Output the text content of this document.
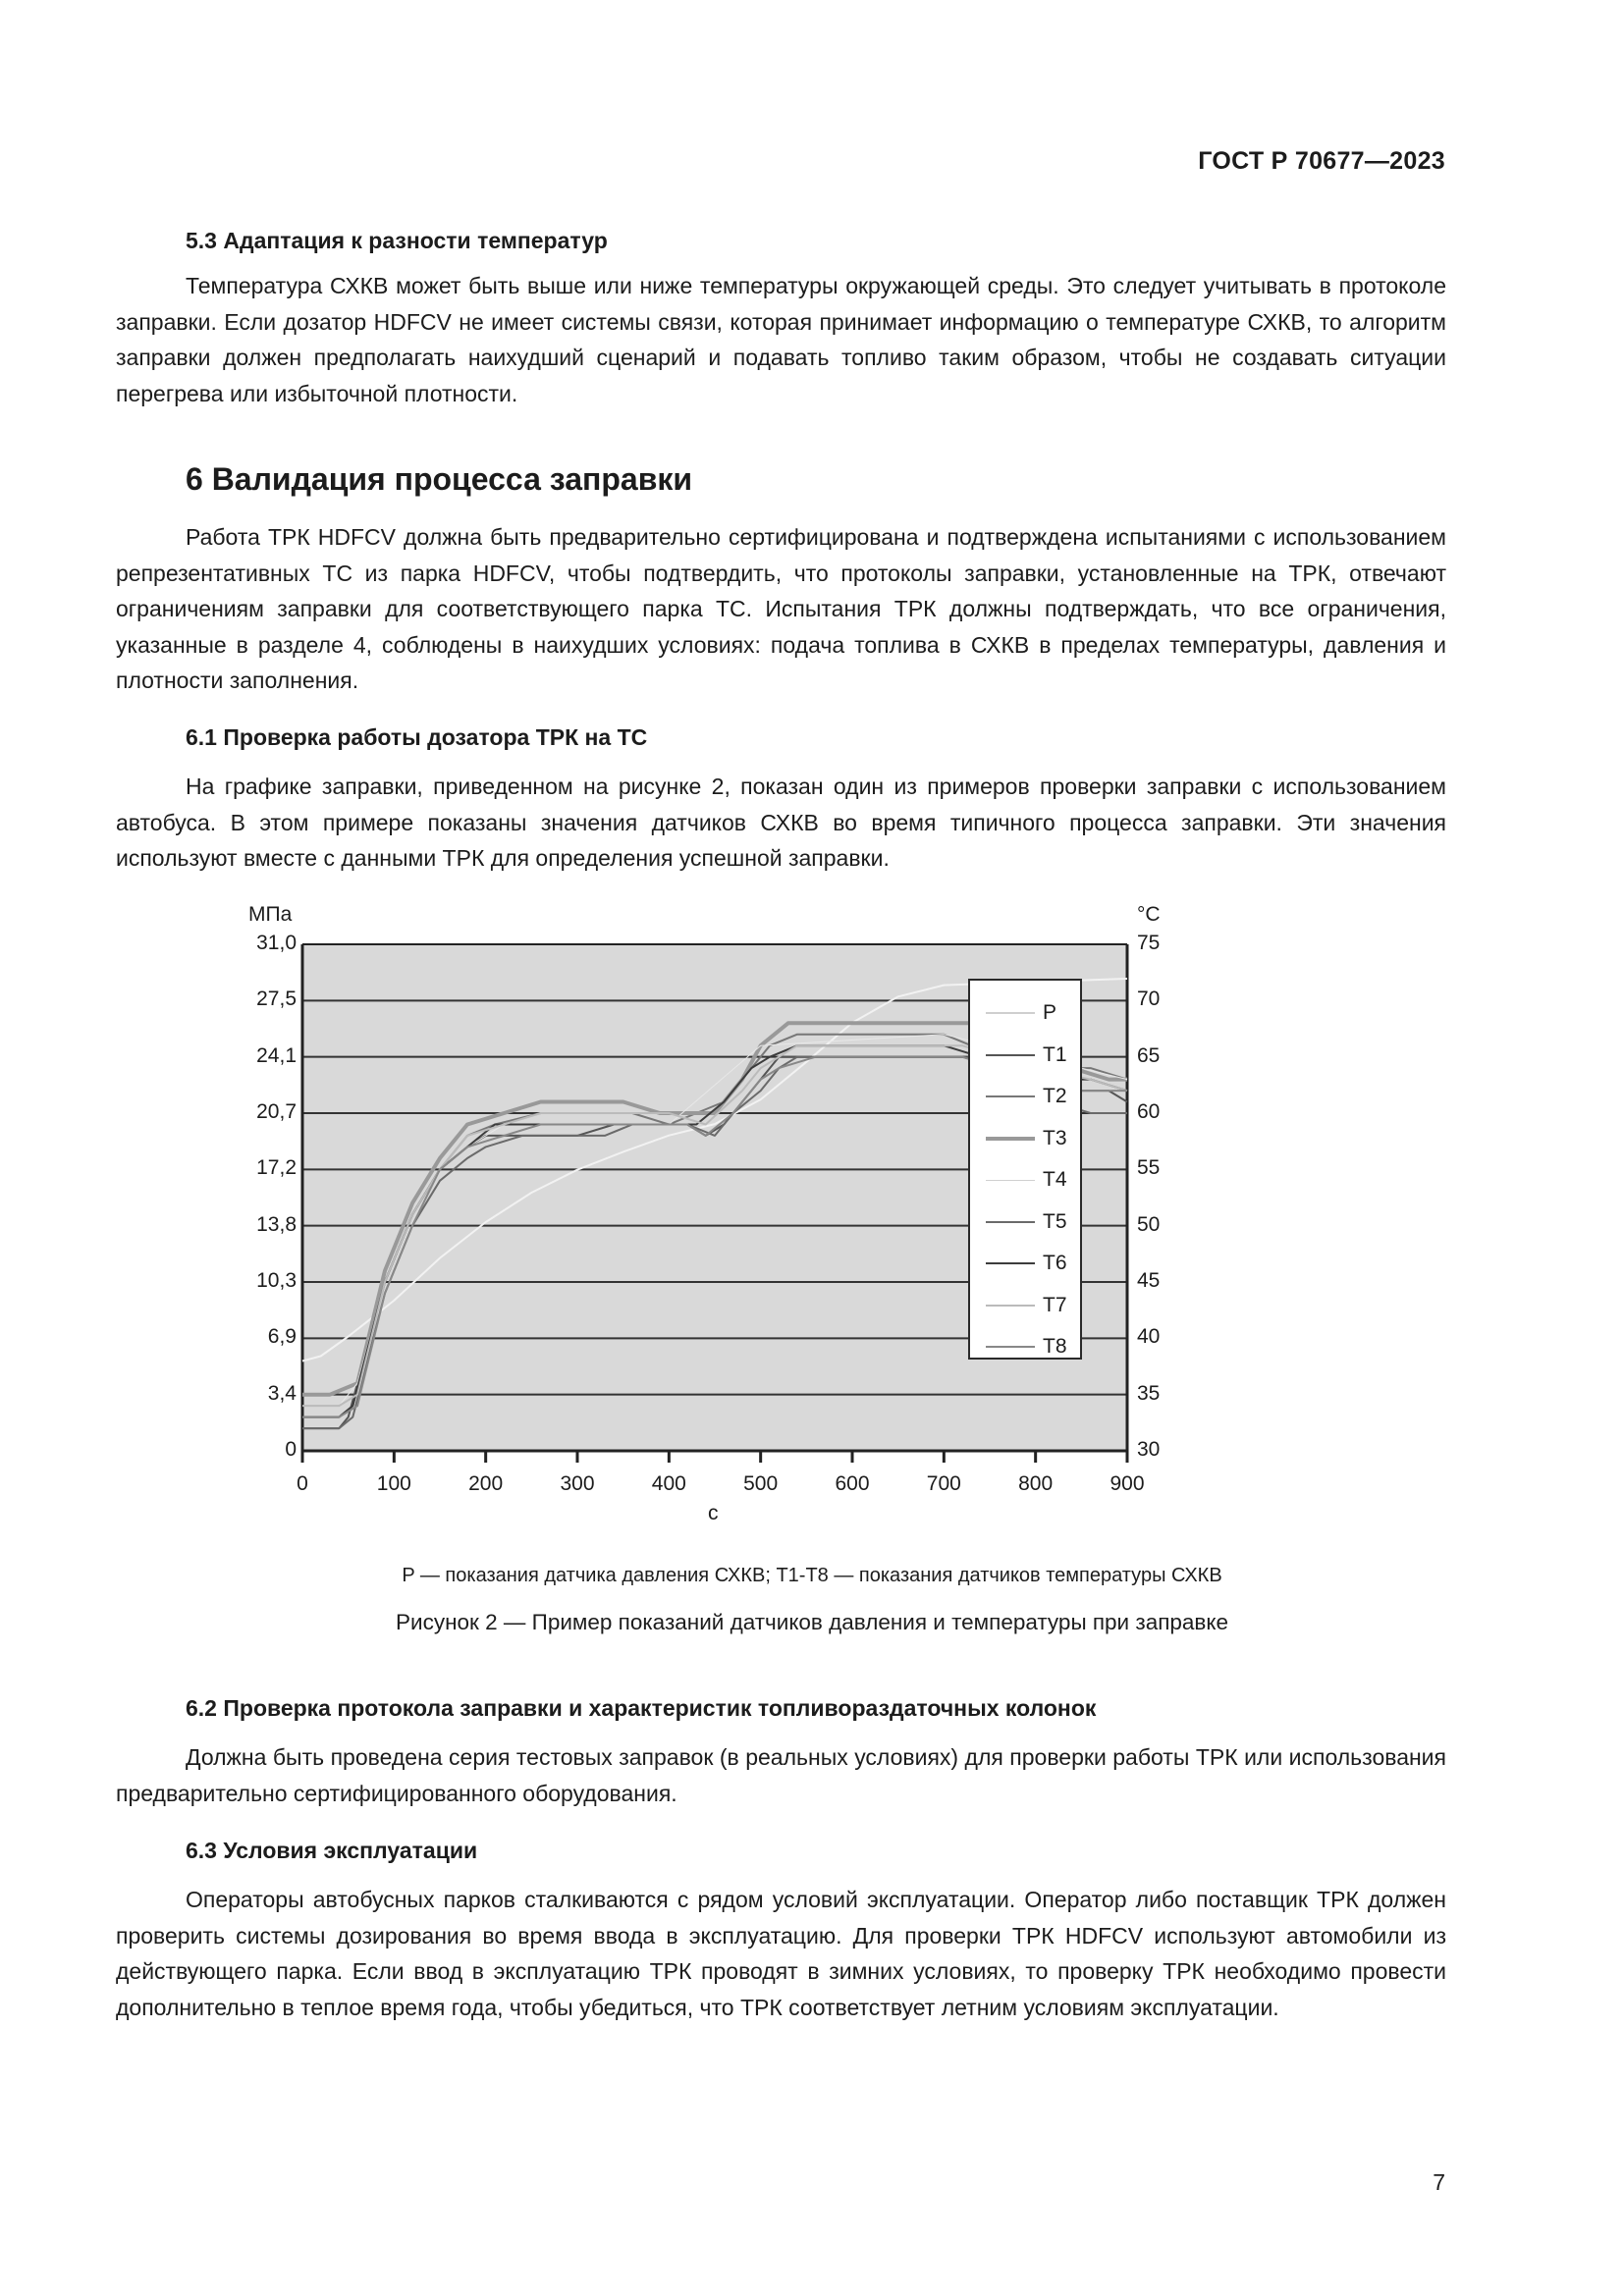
ГОСТ Р 70677—2023
5.3 Адаптация к разности температур

Температура СХКВ может быть выше или ниже температуры окружающей среды. Это следует учитывать в протоколе заправки. Если дозатор HDFCV не имеет системы связи, которая принимает информацию о температуре СХКВ, то алгоритм заправки должен предполагать наихудший сценарий и подавать топливо таким образом, чтобы не создавать ситуации перегрева или избыточной плотности.

6 Валидация процесса заправки

Работа ТРК HDFCV должна быть предварительно сертифицирована и подтверждена испытаниями с использованием репрезентативных ТС из парка HDFCV, чтобы подтвердить, что протоколы заправки, установленные на ТРК, отвечают ограничениям заправки для соответствующего парка ТС. Испытания ТРК должны подтверждать, что все ограничения, указанные в разделе 4, соблюдены в наихудших условиях: подача топлива в СХКВ в пределах температуры, давления и плотности заполнения.

6.1 Проверка работы дозатора ТРК на ТС

На графике заправки, приведенном на рисунке 2, показан один из примеров проверки заправки с использованием автобуса. В этом примере показаны значения датчиков СХКВ во время типичного процесса заправки. Эти значения используют вместе с данными ТРК для определения успешной заправки.

МПа	°С
0
3,4
6,9
10,3
13,8
17,2
20,7
24,1
27,5
31,0
30
35
40
45
50
55
60
65
70
75
0	100	200	300	400	500	600	700	800	900
с
P
T1
T2
T3
T4
T5
T6
T7
T8
P — показания датчика давления СХКВ; T1-T8 — показания датчиков температуры СХКВ
Рисунок 2 — Пример показаний датчиков давления и температуры при заправке
6.2 Проверка протокола заправки и характеристик топливораздаточных колонок

Должна быть проведена серия тестовых заправок (в реальных условиях) для проверки работы ТРК или использования предварительно сертифицированного оборудования.

6.3 Условия эксплуатации

Операторы автобусных парков сталкиваются с рядом условий эксплуатации. Оператор либо поставщик ТРК должен проверить системы дозирования во время ввода в эксплуатацию. Для проверки ТРК HDFCV используют автомобили из действующего парка. Если ввод в эксплуатацию ТРК проводят в зимних условиях, то проверку ТРК необходимо провести дополнительно в теплое время года, чтобы убедиться, что ТРК соответствует летним условиям эксплуатации.

7
